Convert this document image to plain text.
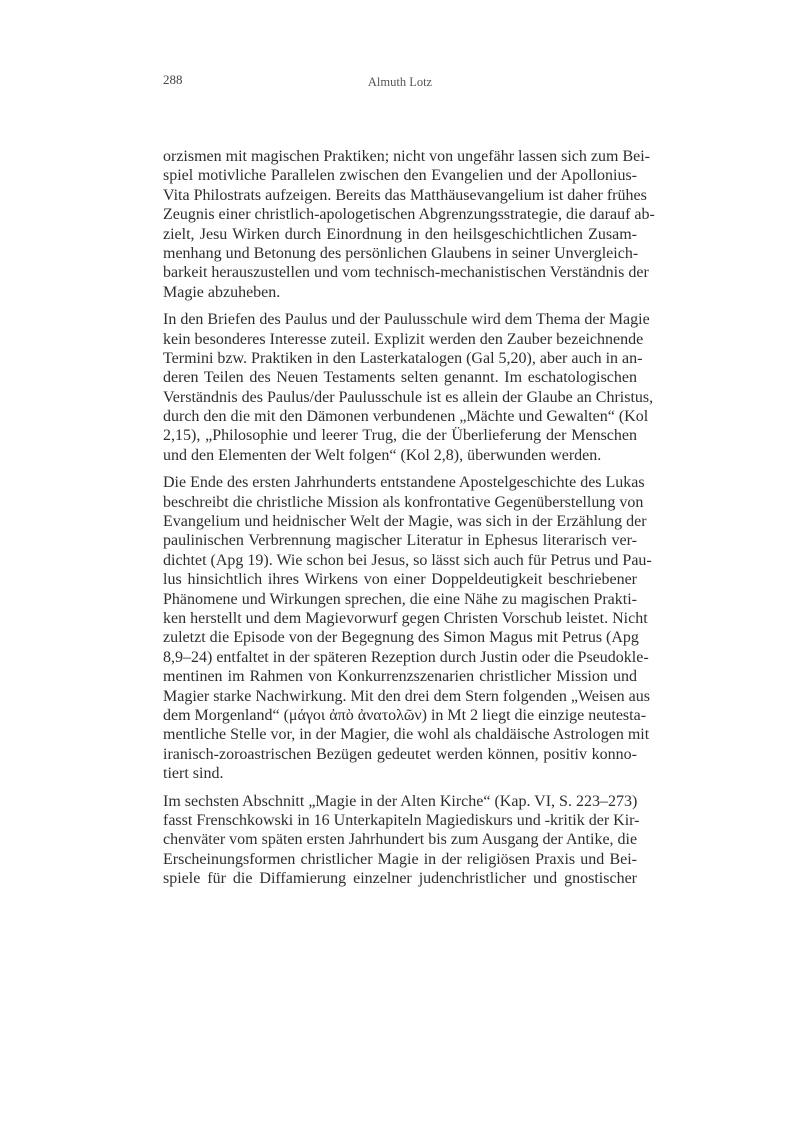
288	Almuth Lotz
orzismen mit magischen Praktiken; nicht von ungefähr lassen sich zum Bei-
spiel motivliche Parallelen zwischen den Evangelien und der Apollonius-
Vita Philostrats aufzeigen. Bereits das Matthäusevangelium ist daher frühes
Zeugnis einer christlich-apologetischen Abgrenzungsstrategie, die darauf ab-
zielt, Jesu Wirken durch Einordnung in den heilsgeschichtlichen Zusam-
menhang und Betonung des persönlichen Glaubens in seiner Unvergleich-
barkeit herauszustellen und vom technisch-mechanistischen Verständnis der
Magie abzuheben.
In den Briefen des Paulus und der Paulusschule wird dem Thema der Magie
kein besonderes Interesse zuteil. Explizit werden den Zauber bezeichnende
Termini bzw. Praktiken in den Lasterkatalogen (Gal 5,20), aber auch in an-
deren Teilen des Neuen Testaments selten genannt. Im eschatologischen
Verständnis des Paulus/der Paulusschule ist es allein der Glaube an Christus,
durch den die mit den Dämonen verbundenen „Mächte und Gewalten“ (Kol
2,15), „Philosophie und leerer Trug, die der Überlieferung der Menschen
und den Elementen der Welt folgen“ (Kol 2,8), überwunden werden.
Die Ende des ersten Jahrhunderts entstandene Apostelgeschichte des Lukas
beschreibt die christliche Mission als konfrontative Gegenüberstellung von
Evangelium und heidnischer Welt der Magie, was sich in der Erzählung der
paulinischen Verbrennung magischer Literatur in Ephesus literarisch ver-
dichtet (Apg 19). Wie schon bei Jesus, so lässt sich auch für Petrus und Pau-
lus hinsichtlich ihres Wirkens von einer Doppeldeutigkeit beschriebener
Phänomene und Wirkungen sprechen, die eine Nähe zu magischen Prakti-
ken herstellt und dem Magievorwurf gegen Christen Vorschub leistet. Nicht
zuletzt die Episode von der Begegnung des Simon Magus mit Petrus (Apg
8,9–24) entfaltet in der späteren Rezeption durch Justin oder die Pseudokle-
mentinen im Rahmen von Konkurrenzszenarien christlicher Mission und
Magier starke Nachwirkung. Mit den drei dem Stern folgenden „Weisen aus
dem Morgenland“ (μάγοι ἀπὸ ἀνατολῶν) in Mt 2 liegt die einzige neutesta-
mentliche Stelle vor, in der Magier, die wohl als chaldäische Astrologen mit
iranisch-zoroastrischen Bezügen gedeutet werden können, positiv konno-
tiert sind.
Im sechsten Abschnitt „Magie in der Alten Kirche“ (Kap. VI, S. 223–273)
fasst Frenschkowski in 16 Unterkapiteln Magiediskurs und -kritik der Kir-
chenväter vom späten ersten Jahrhundert bis zum Ausgang der Antike, die
Erscheinungsformen christlicher Magie in der religiösen Praxis und Bei-
spiele für die Diffamierung einzelner judenchristlicher und gnostischer
